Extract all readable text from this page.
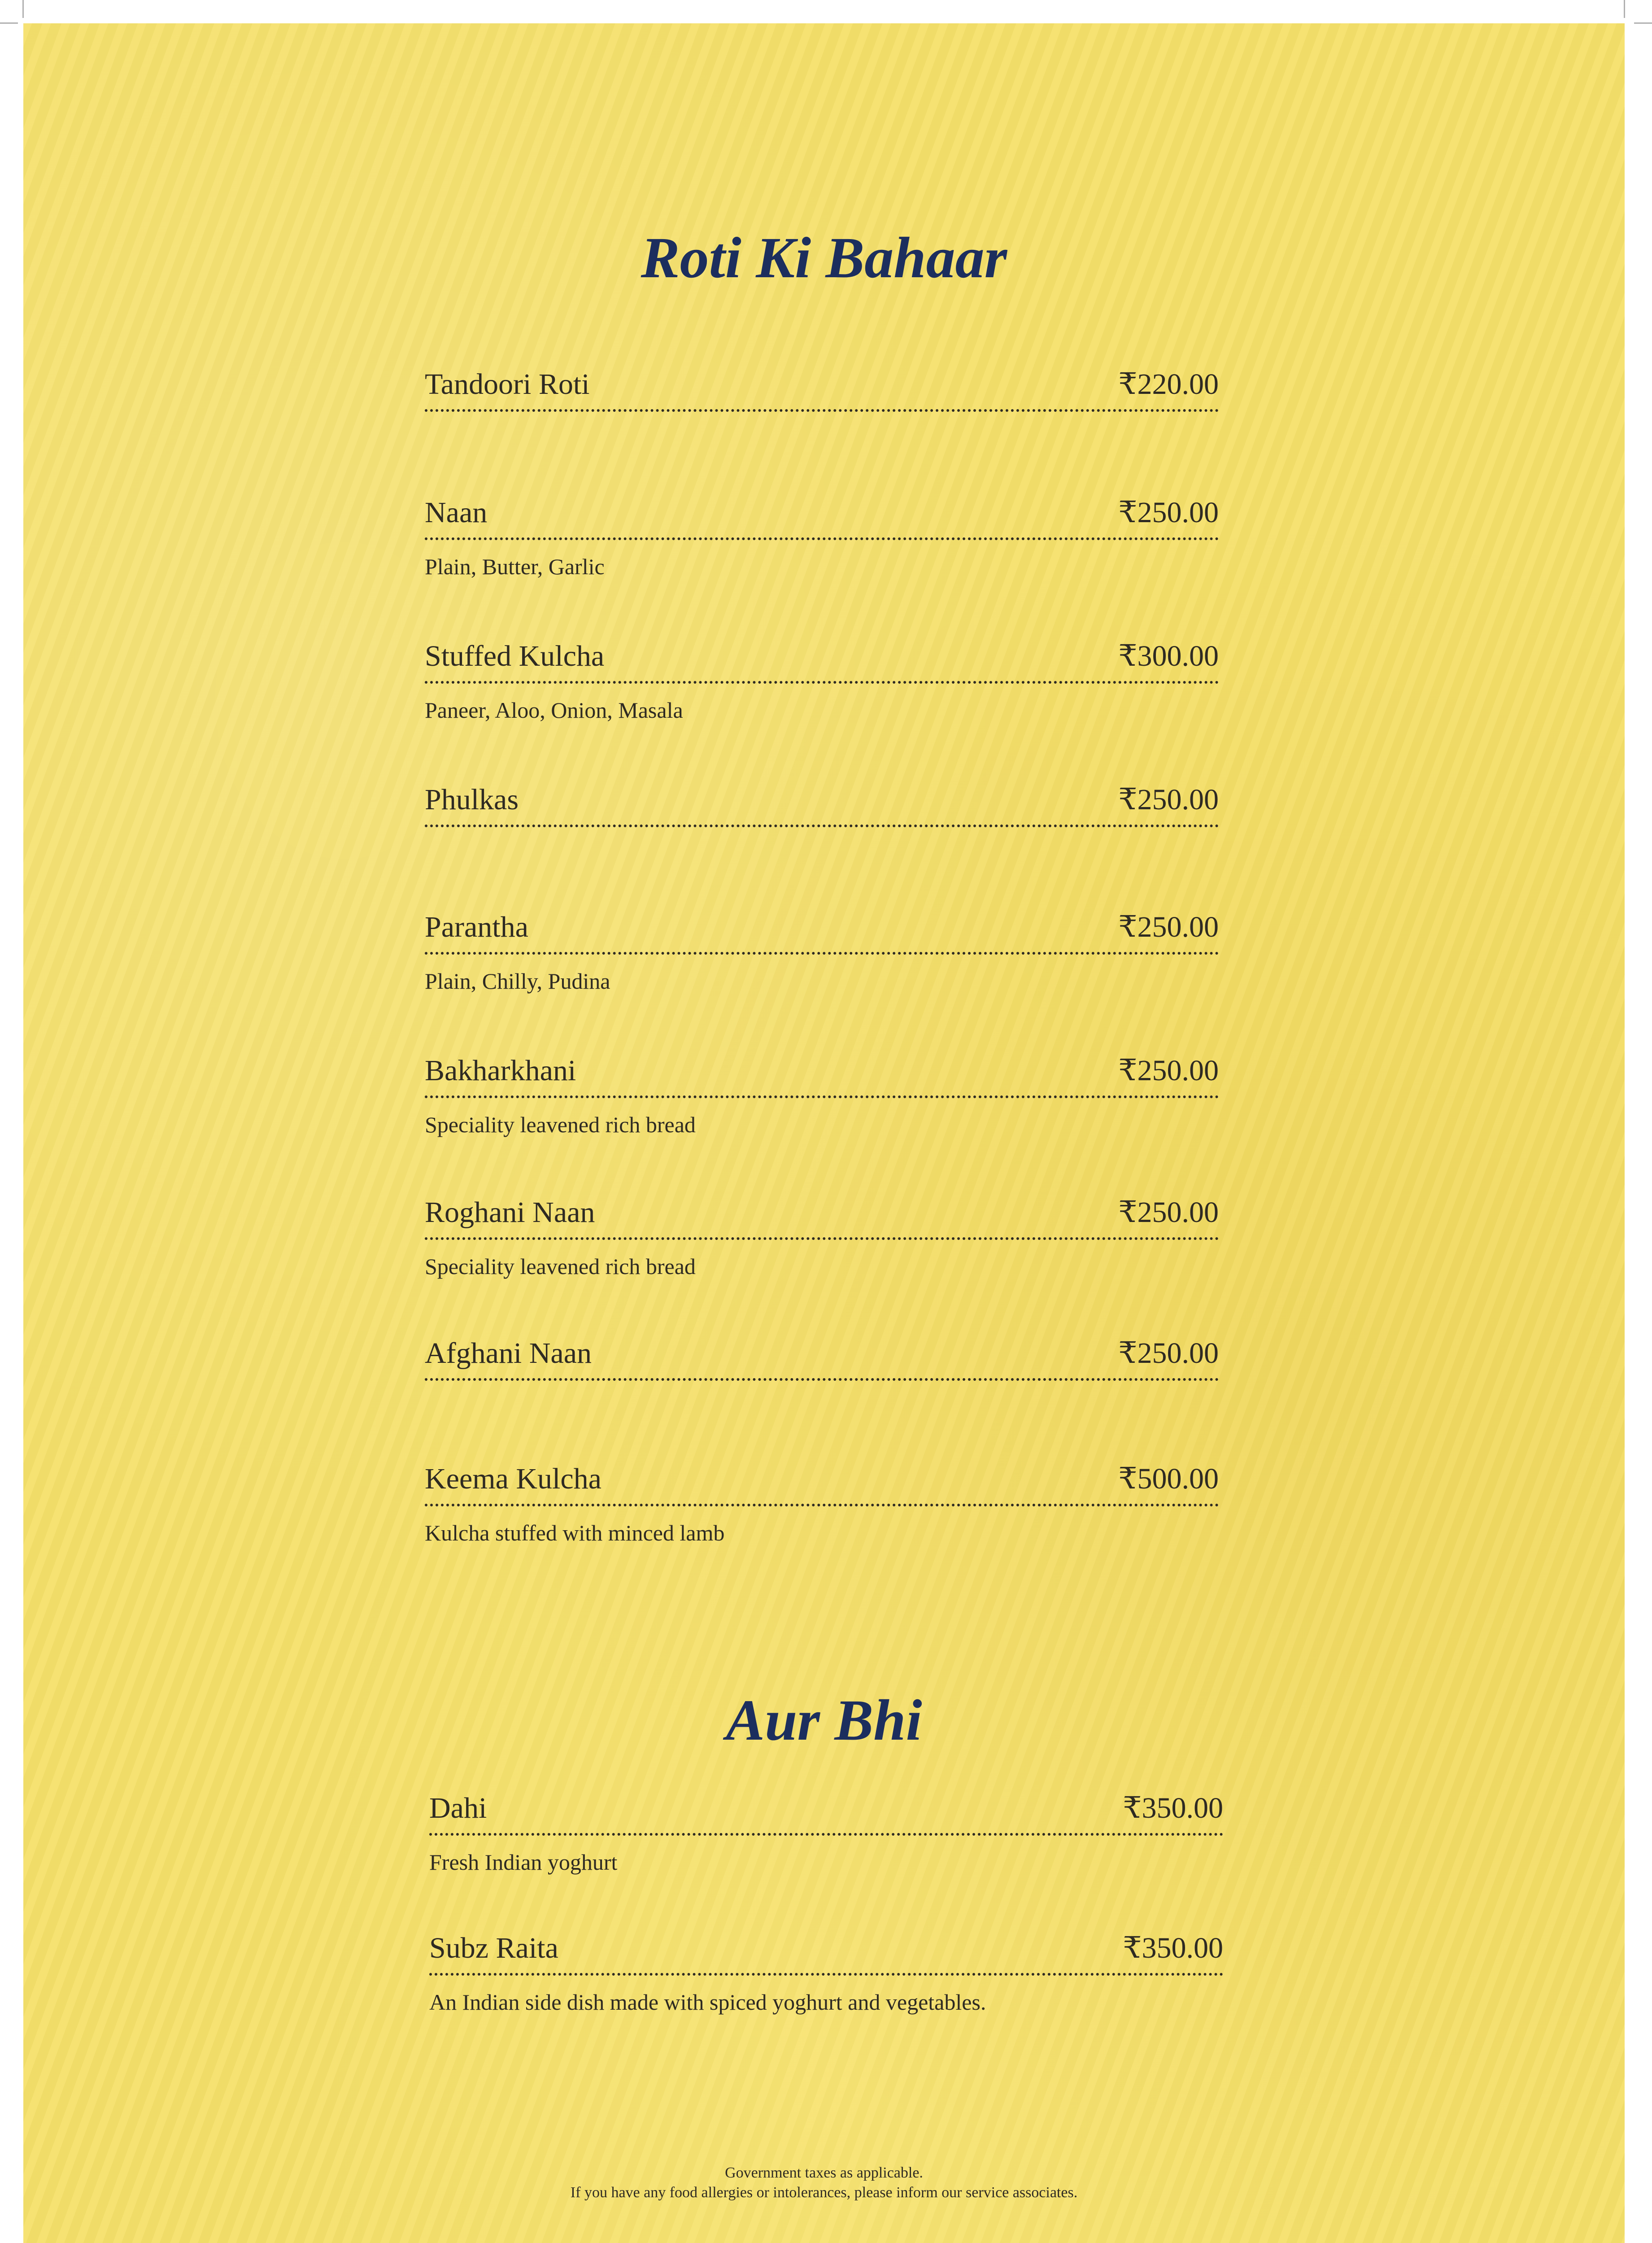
Roti Ki Bahaar
Tandoori Roti	₹220.00
Naan	₹250.00
Plain, Butter, Garlic
Stuffed Kulcha	₹300.00
Paneer, Aloo, Onion, Masala
Phulkas	₹250.00
Parantha	₹250.00
Plain, Chilly, Pudina
Bakharkhani	₹250.00
Speciality leavened rich bread
Roghani Naan	₹250.00
Speciality leavened rich bread
Afghani Naan	₹250.00
Keema Kulcha	₹500.00
Kulcha stuffed with minced lamb
Aur Bhi
Dahi	₹350.00
Fresh Indian yoghurt
Subz Raita	₹350.00
An Indian side dish made with spiced yoghurt and vegetables.
Government taxes as applicable.
If you have any food allergies or intolerances, please inform our service associates.
